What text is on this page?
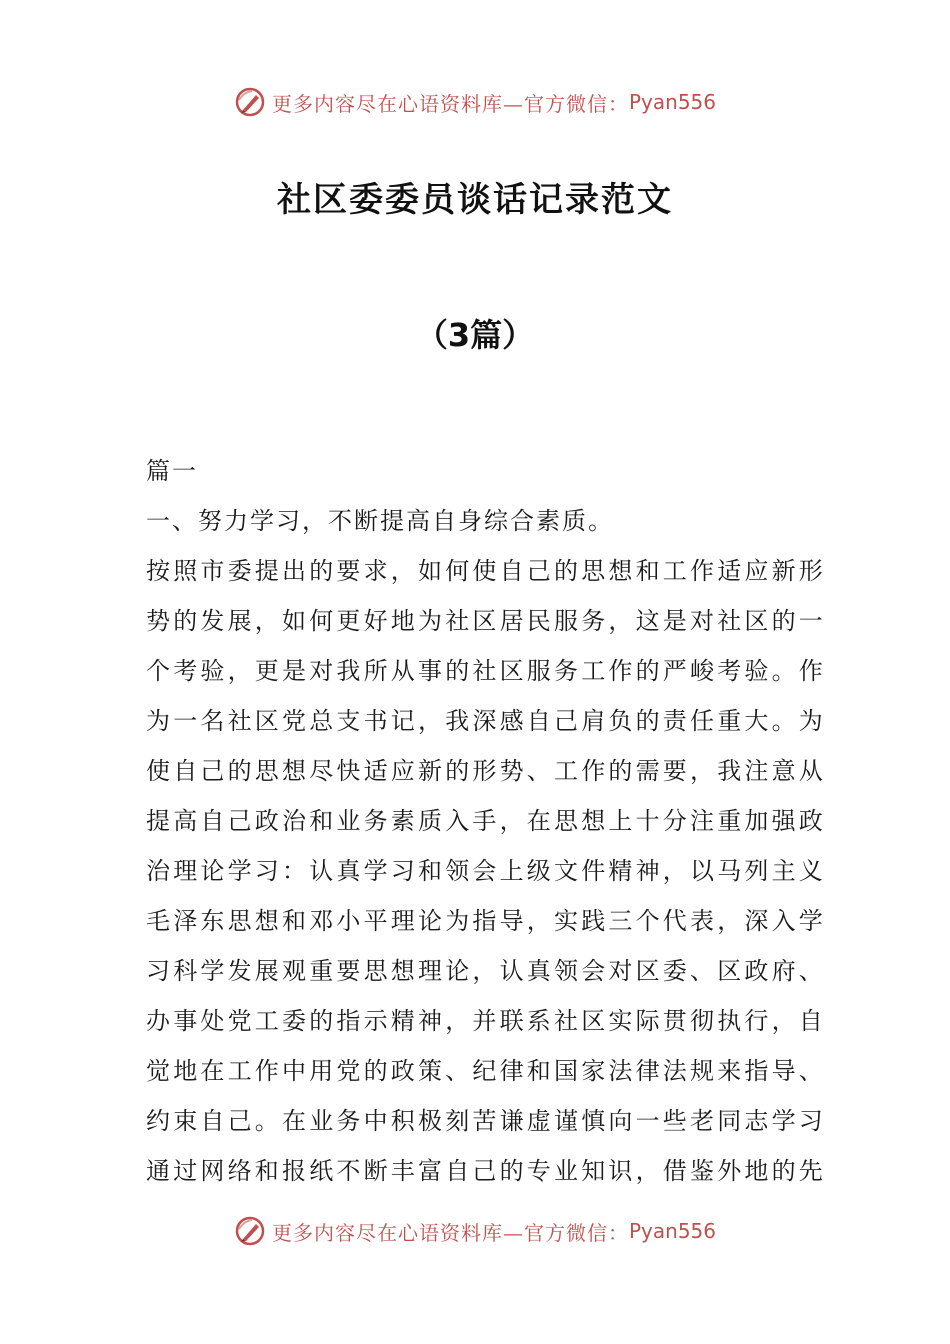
更多内容尽在心语资料库—官方微信： Pyan556
社区委委员谈话记录范文
（3篇）
篇一
一、努力学习，不断提高自身综合素质。
按照市委提出的要求，如何使自己的思想和工作适应新形
势的发展，如何更好地为社区居民服务，这是对社区的一
个考验，更是对我所从事的社区服务工作的严峻考验。作
为一名社区党总支书记，我深感自己肩负的责任重大。为
使自己的思想尽快适应新的形势、工作的需要，我注意从
提高自己政治和业务素质入手，在思想上十分注重加强政
治理论学习：认真学习和领会上级文件精神，以马列主义
毛泽东思想和邓小平理论为指导，实践三个代表，深入学
习科学发展观重要思想理论，认真领会对区委、区政府、
办事处党工委的指示精神，并联系社区实际贯彻执行，自
觉地在工作中用党的政策、纪律和国家法律法规来指导、
约束自己。在业务中积极刻苦谦虚谨慎向一些老同志学习
通过网络和报纸不断丰富自己的专业知识，借鉴外地的先
更多内容尽在心语资料库—官方微信： Pyan556
